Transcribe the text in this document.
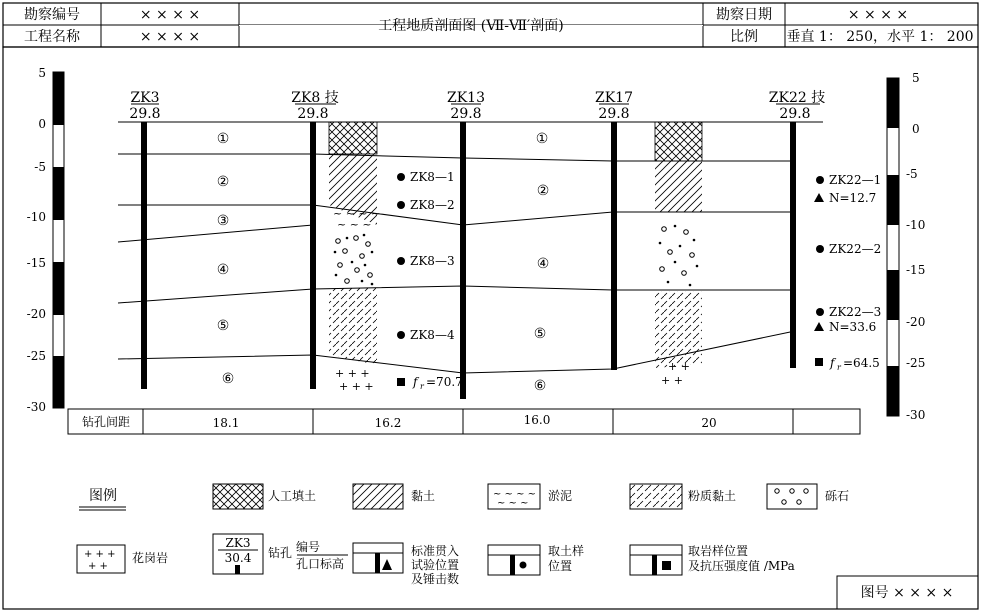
勘察编号	× × × ×
工程名称	× × × ×
工程地质剖面图 (Ⅶ-Ⅶ′剖面)
勘察日期	× × × ×
比例 垂直 1： 250，水平 1： 200
5
0
-5
-10
-15
-20
-25
-30
5
0
-5
-10
-15
-20
-25
-30
~ ~ ~ ~
~ ~ ~
+ + +
+ + +
+ +
+ +
ZK3
29.8
ZK8 技
29.8
ZK13
29.8
ZK17
29.8
ZK22 技
29.8
①
②
③
④
⑤
⑥
①
②
④
⑤
⑥
ZK8—1
ZK8—2
ZK8—3
ZK8—4
f r =70.7
ZK22—1
N=12.7
ZK22—2
ZK22—3
N=33.6
f r =64.5
钻孔间距	18.1	16.2	16.0	20
图例	人工填土	黏土	~ ~ ~ ~
~ ~ ~
淤泥	粉质黏土	砾石
+ + +
+ +
花岗岩
ZK3
30.4 钻孔 编号
孔口标高
标准贯入
试验位置
及锤击数
取土样
位置
取岩样位置
及抗压强度值 /MPa
图号 × × × ×
